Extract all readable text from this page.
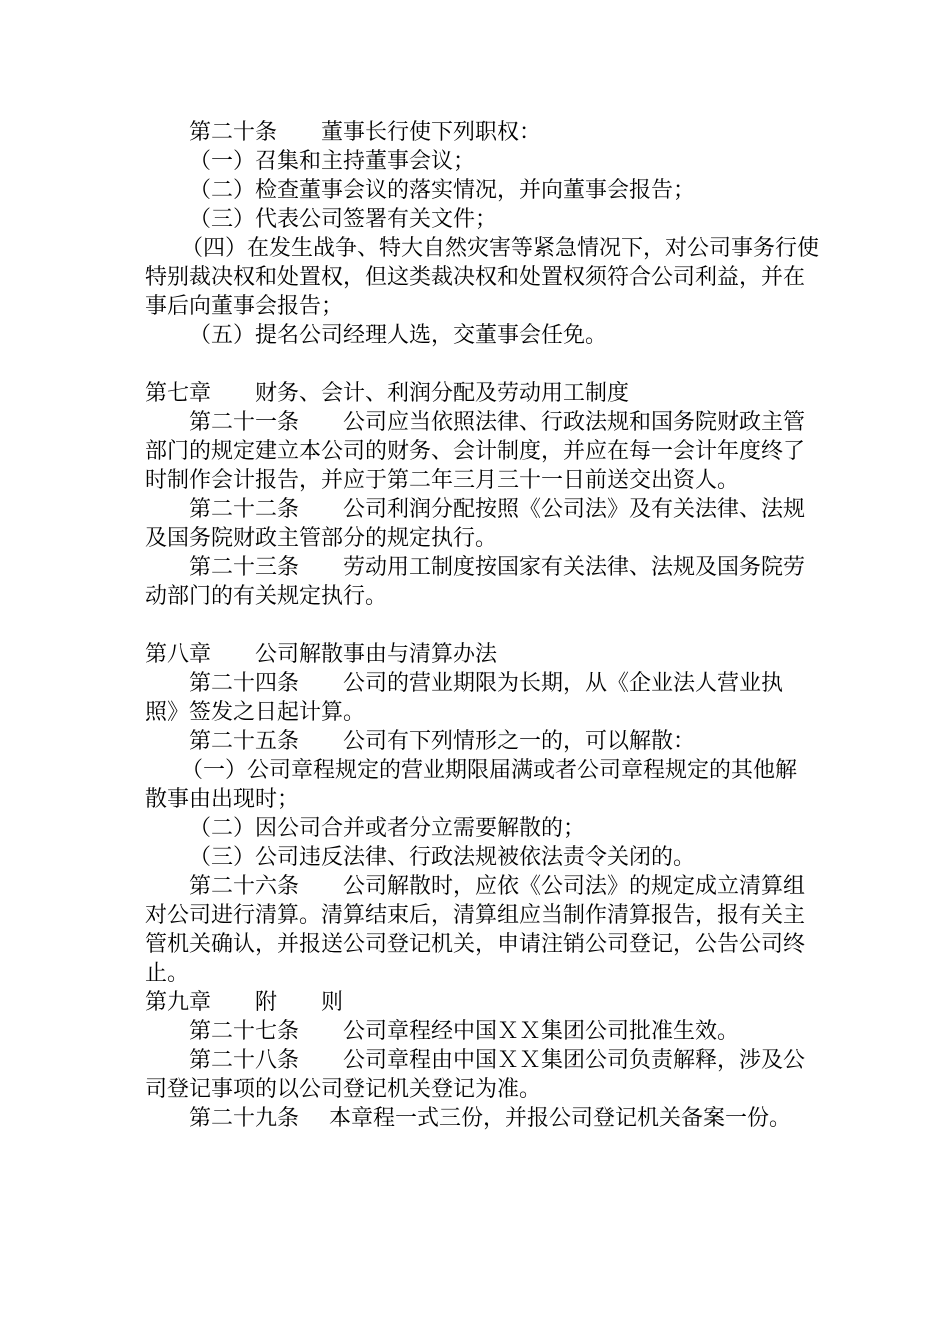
第二十条 董事长行使下列职权：
（一）召集和主持董事会议；
（二）检查董事会议的落实情况，并向董事会报告；
（三）代表公司签署有关文件；
（四）在发生战争、特大自然灾害等紧急情况下，对公司事务行使
特别裁决权和处置权，但这类裁决权和处置权须符合公司利益，并在
事后向董事会报告；
（五）提名公司经理人选，交董事会任免。
第七章 财务、会计、利润分配及劳动用工制度
第二十一条 公司应当依照法律、行政法规和国务院财政主管
部门的规定建立本公司的财务、会计制度，并应在每一会计年度终了
时制作会计报告，并应于第二年三月三十一日前送交出资人。
第二十二条 公司利润分配按照《公司法》及有关法律、法规
及国务院财政主管部分的规定执行。
第二十三条 劳动用工制度按国家有关法律、法规及国务院劳
动部门的有关规定执行。
第八章 公司解散事由与清算办法
第二十四条 公司的营业期限为长期，从《企业法人营业执
照》签发之日起计算。
第二十五条 公司有下列情形之一的，可以解散：
（一）公司章程规定的营业期限届满或者公司章程规定的其他解
散事由出现时；
（二）因公司合并或者分立需要解散的；
（三）公司违反法律、行政法规被依法责令关闭的。
第二十六条 公司解散时，应依《公司法》的规定成立清算组
对公司进行清算。清算结束后，清算组应当制作清算报告，报有关主
管机关确认，并报送公司登记机关，申请注销公司登记，公告公司终
止。
第九章 附 则
第二十七条 公司章程经中国ＸＸ集团公司批准生效。
第二十八条 公司章程由中国ＸＸ集团公司负责解释，涉及公
司登记事项的以公司登记机关登记为准。
第二十九条 本章程一式三份，并报公司登记机关备案一份。
